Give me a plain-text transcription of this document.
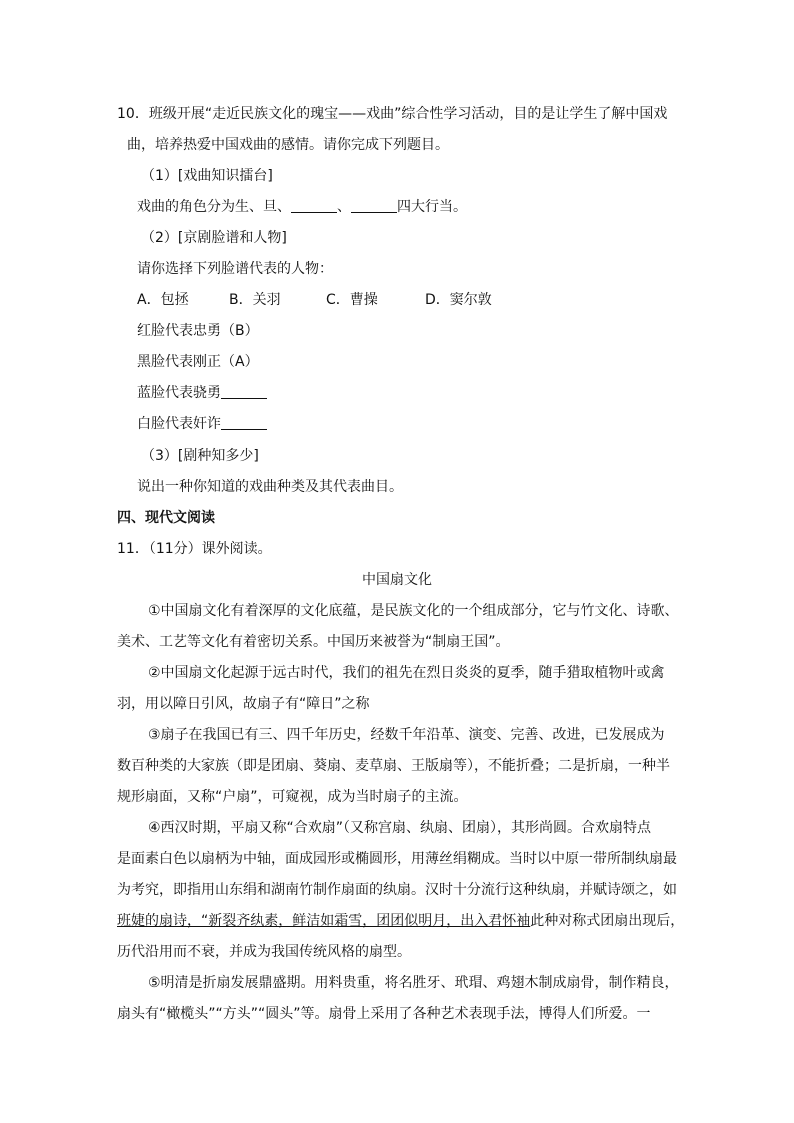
10．班级开展“走近民族文化的瑰宝——戏曲”综合性学习活动，目的是让学生了解中国戏
曲，培养热爱中国戏曲的感情。请你完成下列题目。
（1）[戏曲知识擂台]
戏曲的角色分为生、旦、	、	四大行当。
（2）[京剧脸谱和人物]
请你选择下列脸谱代表的人物：
A．包拯	B．关羽	C．曹操	D．窦尔敦
红脸代表忠勇（B）
黑脸代表刚正（A）
蓝脸代表骁勇
白脸代表奸诈
（3）[剧种知多少]
说出一种你知道的戏曲种类及其代表曲目。
四、现代文阅读
11．（11分）课外阅读。
中国扇文化
①中国扇文化有着深厚的文化底蕴，是民族文化的一个组成部分，它与竹文化、诗歌、
美术、工艺等文化有着密切关系。中国历来被誉为“制扇王国”。
②中国扇文化起源于远古时代，我们的祖先在烈日炎炎的夏季，随手猎取植物叶或禽
羽，用以障日引风，故扇子有“障日”之称
③扇子在我国已有三、四千年历史，经数千年沿革、演变、完善、改进，已发展成为
数百种类的大家族（即是团扇、葵扇、麦草扇、王版扇等），不能折叠；二是折扇，一种半
规形扇面，又称“户扇”，可窥视，成为当时扇子的主流。
④西汉时期，平扇又称“合欢扇”（又称宫扇、纨扇、团扇），其形尚圆。合欢扇特点
是面素白色以扇柄为中轴，面成园形或椭圆形，用薄丝绢糊成。当时以中原一带所制纨扇最
为考究，即指用山东绢和湖南竹制作扇面的纨扇。汉时十分流行这种纨扇，并赋诗颂之，如
班婕的扇诗，“新裂齐纨素，鲜洁如霜雪，团团似明月，出入君怀袖此种对称式团扇出现后，
历代沿用而不衰，并成为我国传统风格的扇型。
⑤明清是折扇发展鼎盛期。用料贵重，将名胜牙、玳瑁、鸡翅木制成扇骨，制作精良，
扇头有“橄榄头”“方头”“圆头”等。扇骨上采用了各种艺术表现手法，博得人们所爱。一
